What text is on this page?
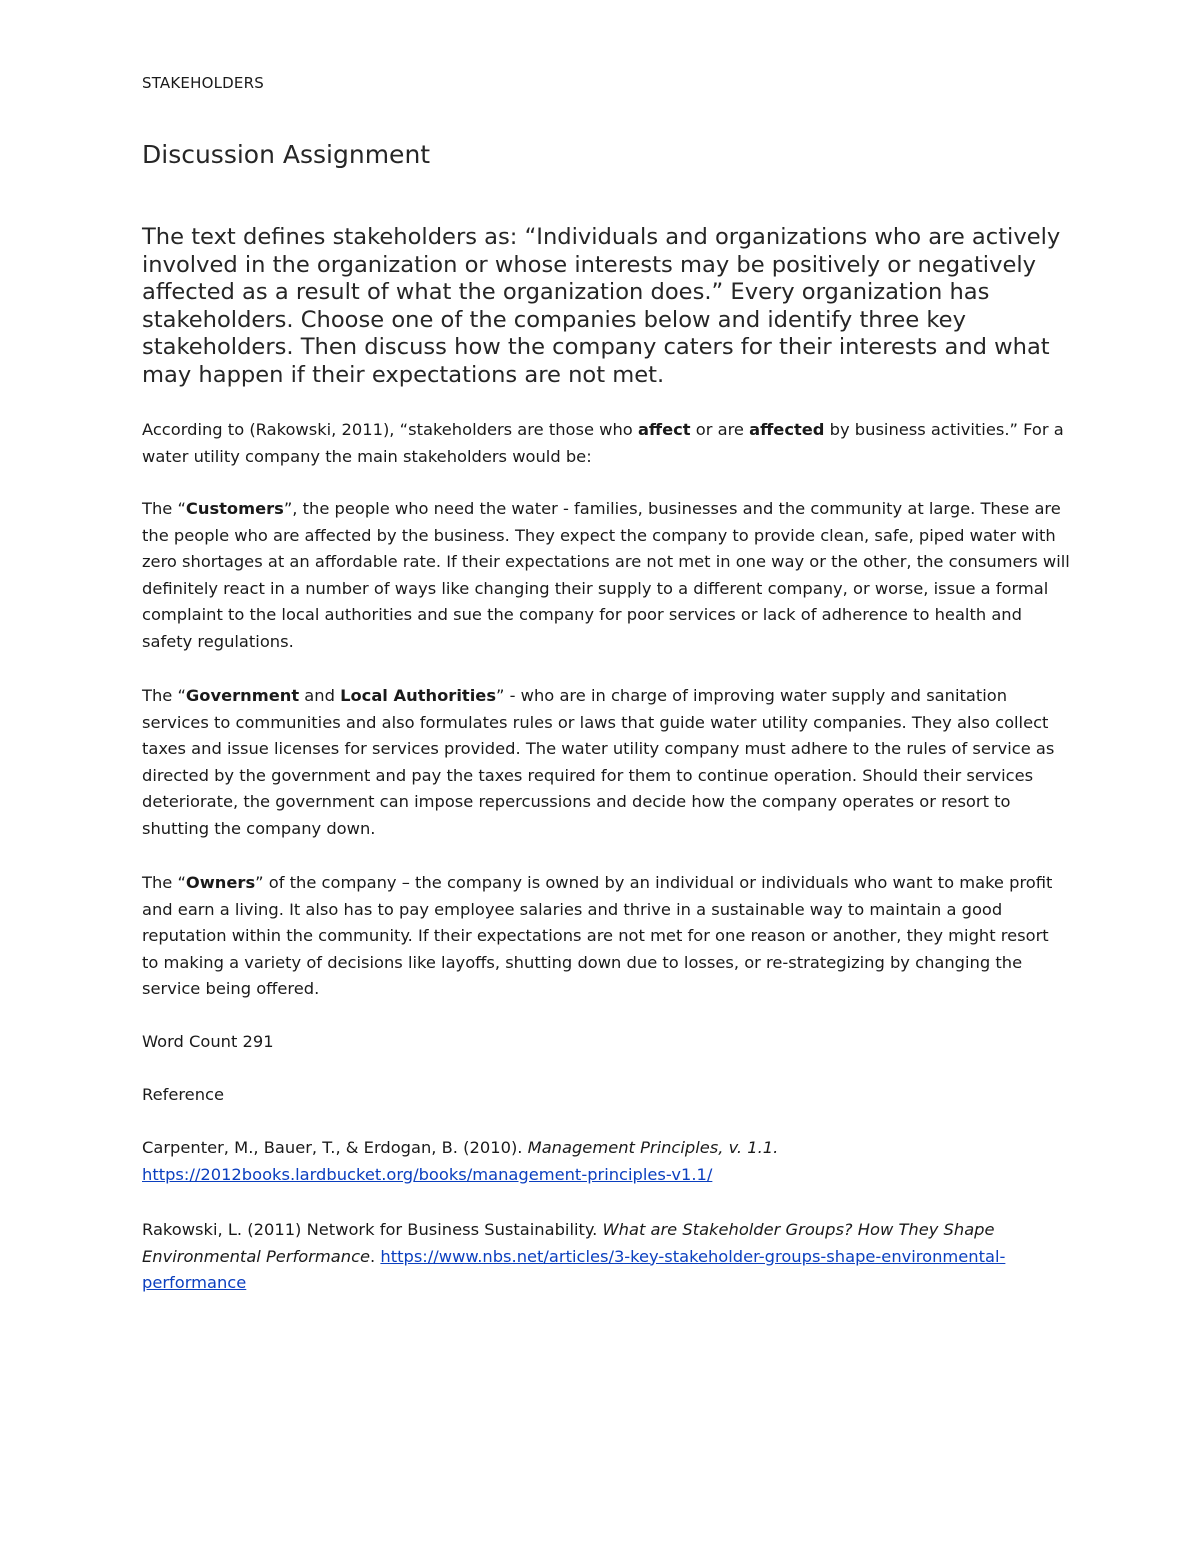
STAKEHOLDERS
Discussion Assignment

The text defines stakeholders as: “Individuals and organizations who are actively involved in the organization or whose interests may be positively or negatively affected as a result of what the organization does.” Every organization has stakeholders. Choose one of the companies below and identify three key stakeholders. Then discuss how the company caters for their interests and what may happen if their expectations are not met.

According to (Rakowski, 2011), “stakeholders are those who affect or are affected by business activities.” For a water utility company the main stakeholders would be:

The “Customers”, the people who need the water - families, businesses and the community at large. These are the people who are affected by the business. They expect the company to provide clean, safe, piped water with zero shortages at an affordable rate. If their expectations are not met in one way or the other, the consumers will definitely react in a number of ways like changing their supply to a different company, or worse, issue a formal complaint to the local authorities and sue the company for poor services or lack of adherence to health and safety regulations.

The “Government and Local Authorities” - who are in charge of improving water supply and sanitation services to communities and also formulates rules or laws that guide water utility companies. They also collect taxes and issue licenses for services provided. The water utility company must adhere to the rules of service as directed by the government and pay the taxes required for them to continue operation. Should their services deteriorate, the government can impose repercussions and decide how the company operates or resort to shutting the company down.

The “Owners” of the company – the company is owned by an individual or individuals who want to make profit and earn a living. It also has to pay employee salaries and thrive in a sustainable way to maintain a good reputation within the community. If their expectations are not met for one reason or another, they might resort to making a variety of decisions like layoffs, shutting down due to losses, or re-strategizing by changing the service being offered.

Word Count 291

Reference

Carpenter, M., Bauer, T., & Erdogan, B. (2010). Management Principles, v. 1.1.
https://2012books.lardbucket.org/books/management-principles-v1.1/

Rakowski, L. (2011) Network for Business Sustainability. What are Stakeholder Groups? How They Shape Environmental Performance. https://www.nbs.net/articles/3-key-stakeholder-groups-shape-environmental-performance
